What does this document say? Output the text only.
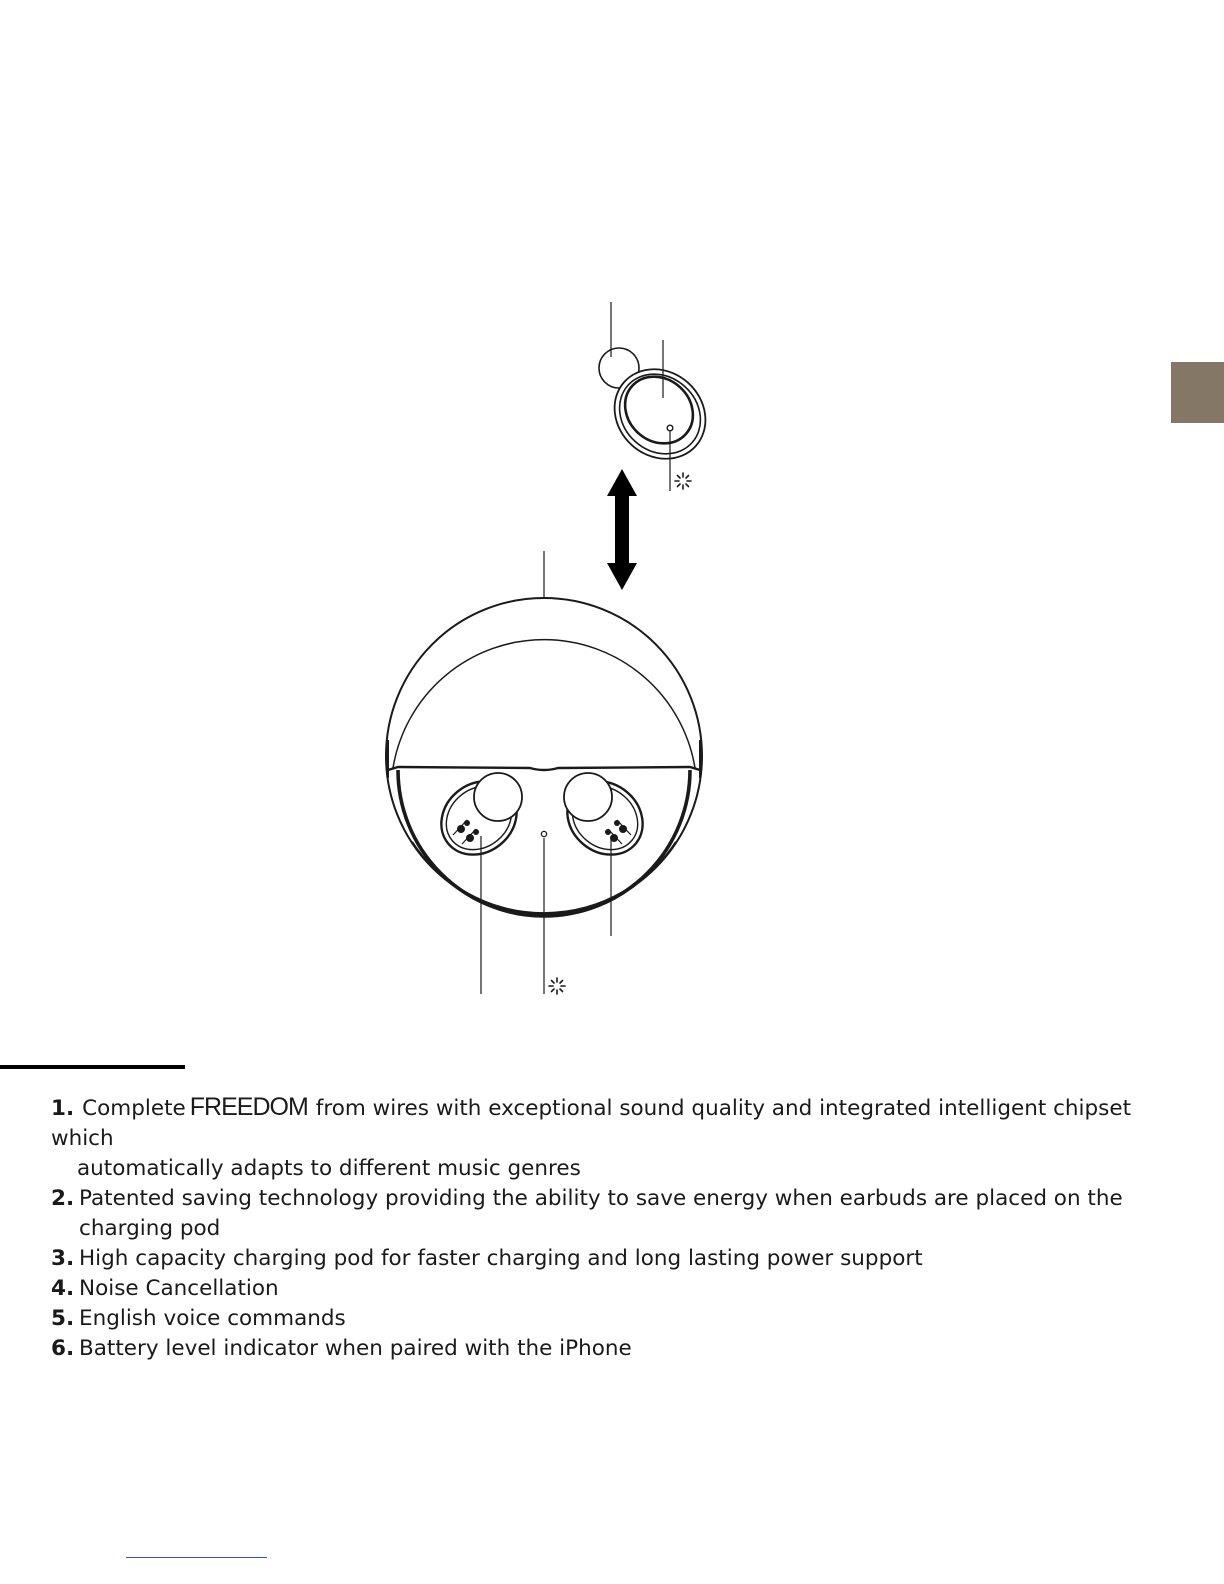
1. Complete FREEDOM from wires with exceptional sound quality and integrated intelligent chipset which
automatically adapts to different music genres

2. Patented saving technology providing the ability to save energy when earbuds are placed on the charging pod

3. High capacity charging pod for faster charging and long lasting power support

4. Noise Cancellation

5. English voice commands

6. Battery level indicator when paired with the iPhone
